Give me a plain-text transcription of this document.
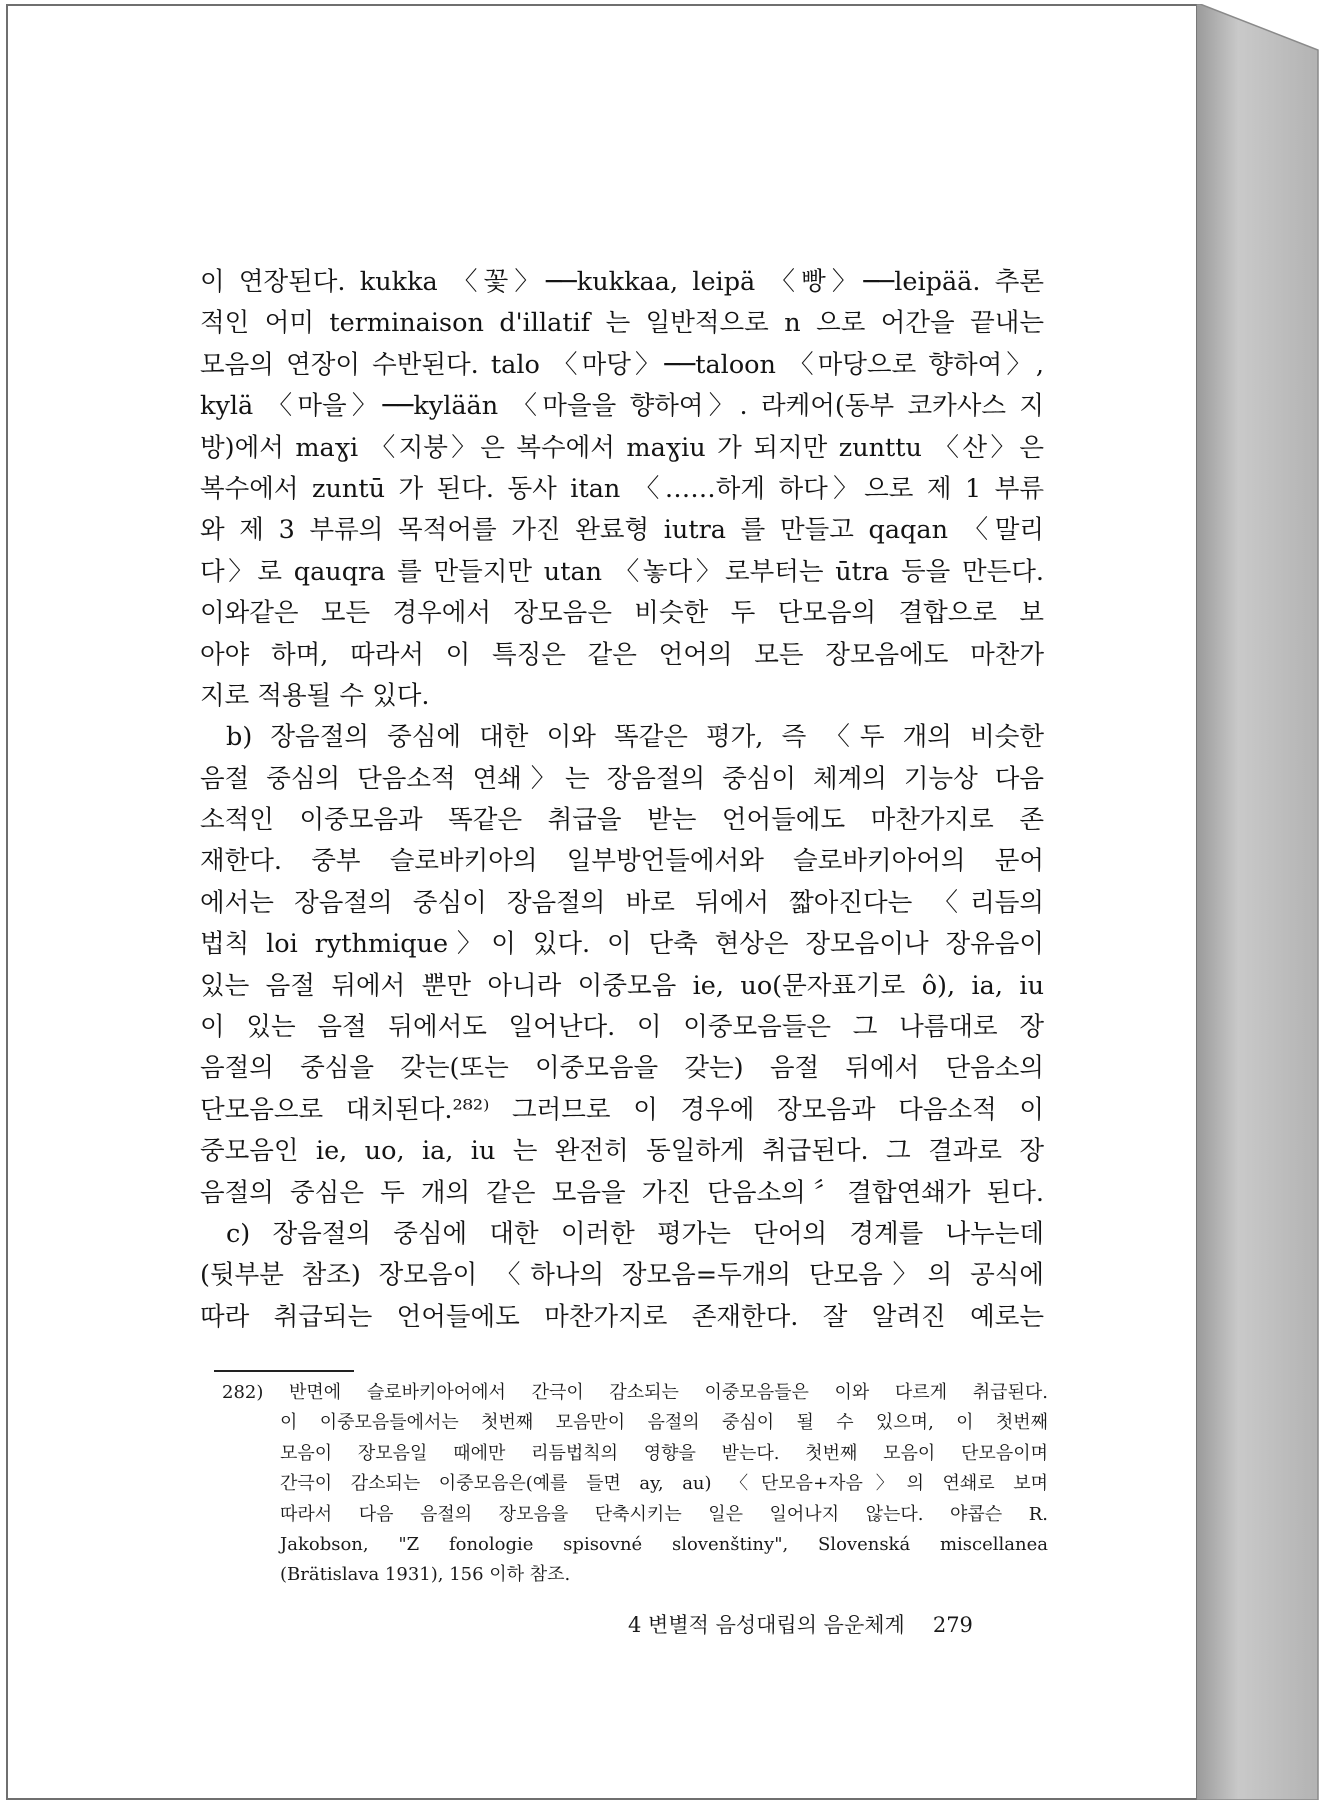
이 연장된다. kukka 〈꽃〉──kukkaa, leipä 〈빵〉──leipää. 추론
적인 어미 terminaison d'illatif 는 일반적으로 n 으로 어간을 끝내는
모음의 연장이 수반된다. talo 〈마당〉──taloon 〈마당으로 향하여〉,
kylä 〈마을〉──kylään 〈마을을 향하여〉. 라케어(동부 코카사스 지
방)에서 maɣi 〈지붕〉은 복수에서 maɣiu 가 되지만 zunttu 〈산〉은
복수에서 zuntū 가 된다. 동사 itan 〈……하게 하다〉으로 제 1 부류
와 제 3 부류의 목적어를 가진 완료형 iutra 를 만들고 qaqan 〈말리
다〉로 qauqra 를 만들지만 utan 〈놓다〉로부터는 ūtra 등을 만든다.
이와같은 모든 경우에서 장모음은 비슷한 두 단모음의 결합으로 보
아야 하며, 따라서 이 특징은 같은 언어의 모든 장모음에도 마찬가
지로 적용될 수 있다.
b) 장음절의 중심에 대한 이와 똑같은 평가, 즉 〈두 개의 비슷한
음절 중심의 단음소적 연쇄〉는 장음절의 중심이 체계의 기능상 다음
소적인 이중모음과 똑같은 취급을 받는 언어들에도 마찬가지로 존
재한다. 중부 슬로바키아의 일부방언들에서와 슬로바키아어의 문어
에서는 장음절의 중심이 장음절의 바로 뒤에서 짧아진다는 〈리듬의
법칙 loi rythmique〉이 있다. 이 단축 현상은 장모음이나 장유음이
있는 음절 뒤에서 뿐만 아니라 이중모음 ie, uo(문자표기로 ô), ia, iu
이 있는 음절 뒤에서도 일어난다. 이 이중모음들은 그 나름대로 장
음절의 중심을 갖는(또는 이중모음을 갖는) 음절 뒤에서 단음소의
단모음으로 대치된다.²⁸²⁾ 그러므로 이 경우에 장모음과 다음소적 이
중모음인 ie, uo, ia, iu 는 완전히 동일하게 취급된다. 그 결과로 장
음절의 중심은 두 개의 같은 모음을 가진 단음소의〞결합연쇄가 된다.
c) 장음절의 중심에 대한 이러한 평가는 단어의 경계를 나누는데
(뒷부분 참조) 장모음이 〈하나의 장모음=두개의 단모음〉의 공식에
따라 취급되는 언어들에도 마찬가지로 존재한다. 잘 알려진 예로는
282) 반면에 슬로바키아어에서 간극이 감소되는 이중모음들은 이와 다르게 취급된다.
이 이중모음들에서는 첫번째 모음만이 음절의 중심이 될 수 있으며, 이 첫번째
모음이 장모음일 때에만 리듬법칙의 영향을 받는다. 첫번째 모음이 단모음이며
간극이 감소되는 이중모음은(예를 들면 ay, au) 〈단모음+자음〉의 연쇄로 보며
따라서 다음 음절의 장모음을 단축시키는 일은 일어나지 않는다. 야콥슨 R.
Jakobson, "Z fonologie spisovné slovenštiny", Slovenská miscellanea
(Brätislava 1931), 156 이하 참조.
4 변별적 음성대립의 음운체계 279
